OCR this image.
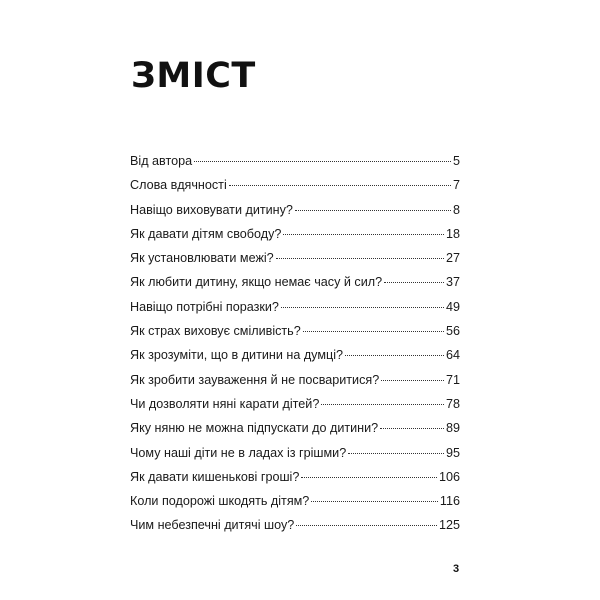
ЗМІСТ
Від автора	5
Слова вдячності	7
Навіщо виховувати дитину?	8
Як давати дітям свободу?	18
Як установлювати межі?	27
Як любити дитину, якщо немає часу й сил?	37
Навіщо потрібні поразки?	49
Як страх виховує сміливість?	56
Як зрозуміти, що в дитини на думці?	64
Як зробити зауваження й не посваритися?	71
Чи дозволяти няні карати дітей?	78
Яку няню не можна підпускати до дитини?	89
Чому наші діти не в ладах із грішми?	95
Як давати кишенькові гроші?	106
Коли подорожі шкодять дітям?	116
Чим небезпечні дитячі шоу?	125
3
